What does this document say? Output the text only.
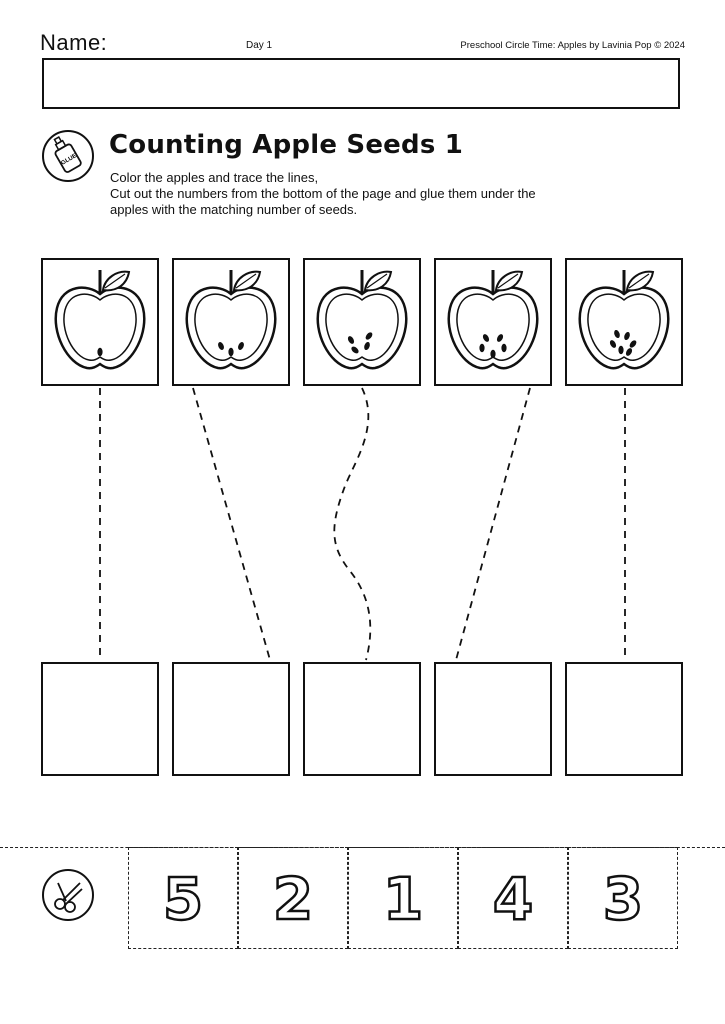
Name:	Day 1	Preschool Circle Time: Apples by Lavinia Pop © 2024
GLUE Counting Apple Seeds 1
Color the apples and trace the lines,
Cut out the numbers from the bottom of the page and glue them under the
apples with the matching number of seeds.
5	2	1	4	3
